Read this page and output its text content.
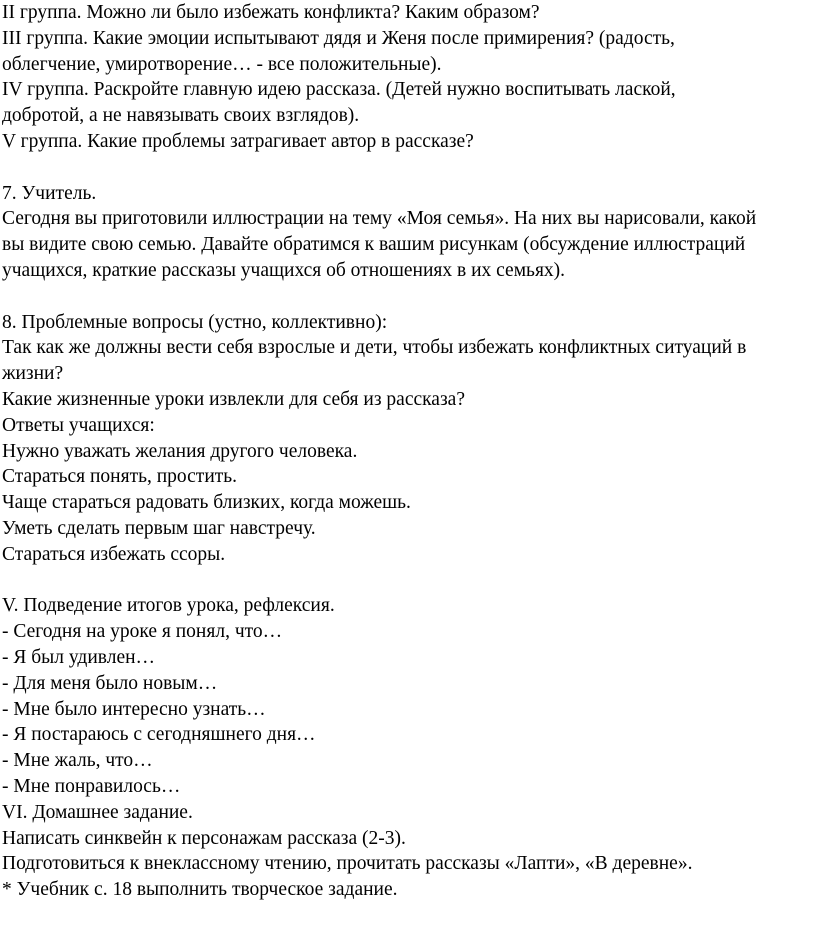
II группа. Можно ли было избежать конфликта? Каким образом?
III группа. Какие эмоции испытывают дядя и Женя после примирения? (радость,
облегчение, умиротворение… - все положительные).
IV группа. Раскройте главную идею рассказа. (Детей нужно воспитывать лаской,
добротой, а не навязывать своих взглядов).
V группа. Какие проблемы затрагивает автор в рассказе?
7. Учитель.
Сегодня вы приготовили иллюстрации на тему «Моя семья». На них вы нарисовали, какой
вы видите свою семью. Давайте обратимся к вашим рисункам (обсуждение иллюстраций
учащихся, краткие рассказы учащихся об отношениях в их семьях).
8. Проблемные вопросы (устно, коллективно):
Так как же должны вести себя взрослые и дети, чтобы избежать конфликтных ситуаций в
жизни?
Какие жизненные уроки извлекли для себя из рассказа?
Ответы учащихся:
Нужно уважать желания другого человека.
Стараться понять, простить.
Чаще стараться радовать близких, когда можешь.
Уметь сделать первым шаг навстречу.
Стараться избежать ссоры.
V. Подведение итогов урока, рефлексия.
- Сегодня на уроке я понял, что…
- Я был удивлен…
- Для меня было новым…
- Мне было интересно узнать…
- Я постараюсь с сегодняшнего дня…
- Мне жаль, что…
- Мне понравилось…
VI. Домашнее задание.
Написать синквейн к персонажам рассказа (2-3).
Подготовиться к внеклассному чтению, прочитать рассказы «Лапти», «В деревне».
* Учебник с. 18 выполнить творческое задание.
